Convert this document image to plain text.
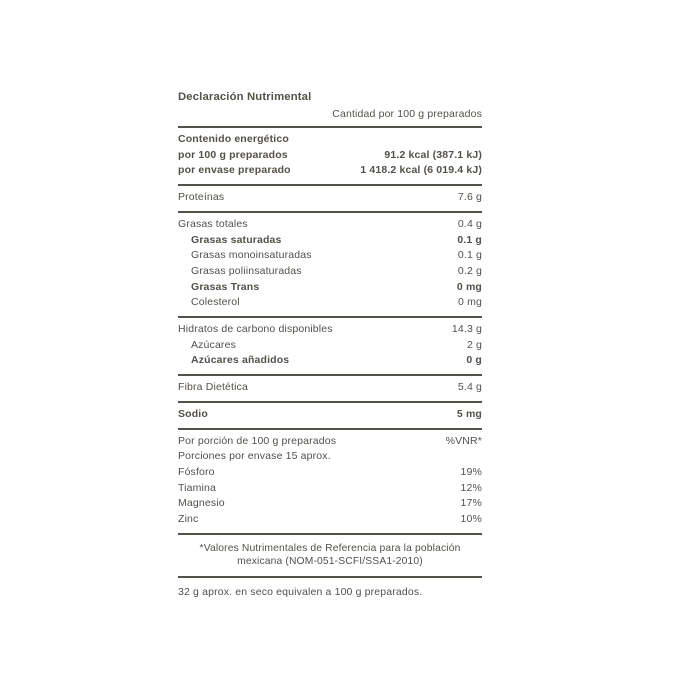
Declaración Nutrimental
Cantidad por 100 g preparados
Contenido energético
por 100 g preparados	91.2 kcal (387.1 kJ)
por envase preparado	1 418.2 kcal (6 019.4 kJ)
Proteínas	7.6 g
Grasas totales	0.4 g
Grasas saturadas	0.1 g
Grasas monoinsaturadas	0.1 g
Grasas poliinsaturadas	0.2 g
Grasas Trans	0 mg
Colesterol	0 mg
Hidratos de carbono disponibles	14.3 g
Azúcares	2 g
Azúcares añadidos	0 g
Fibra Dietética	5.4 g
Sodio	5 mg
Por porción de 100 g preparados	%VNR*
Porciones por envase 15 aprox.
Fósforo	19%
Tiamina	12%
Magnesio	17%
Zinc	10%
*Valores Nutrimentales de Referencia para la población mexicana (NOM-051-SCFI/SSA1-2010)
32 g aprox. en seco equivalen a 100 g preparados.
